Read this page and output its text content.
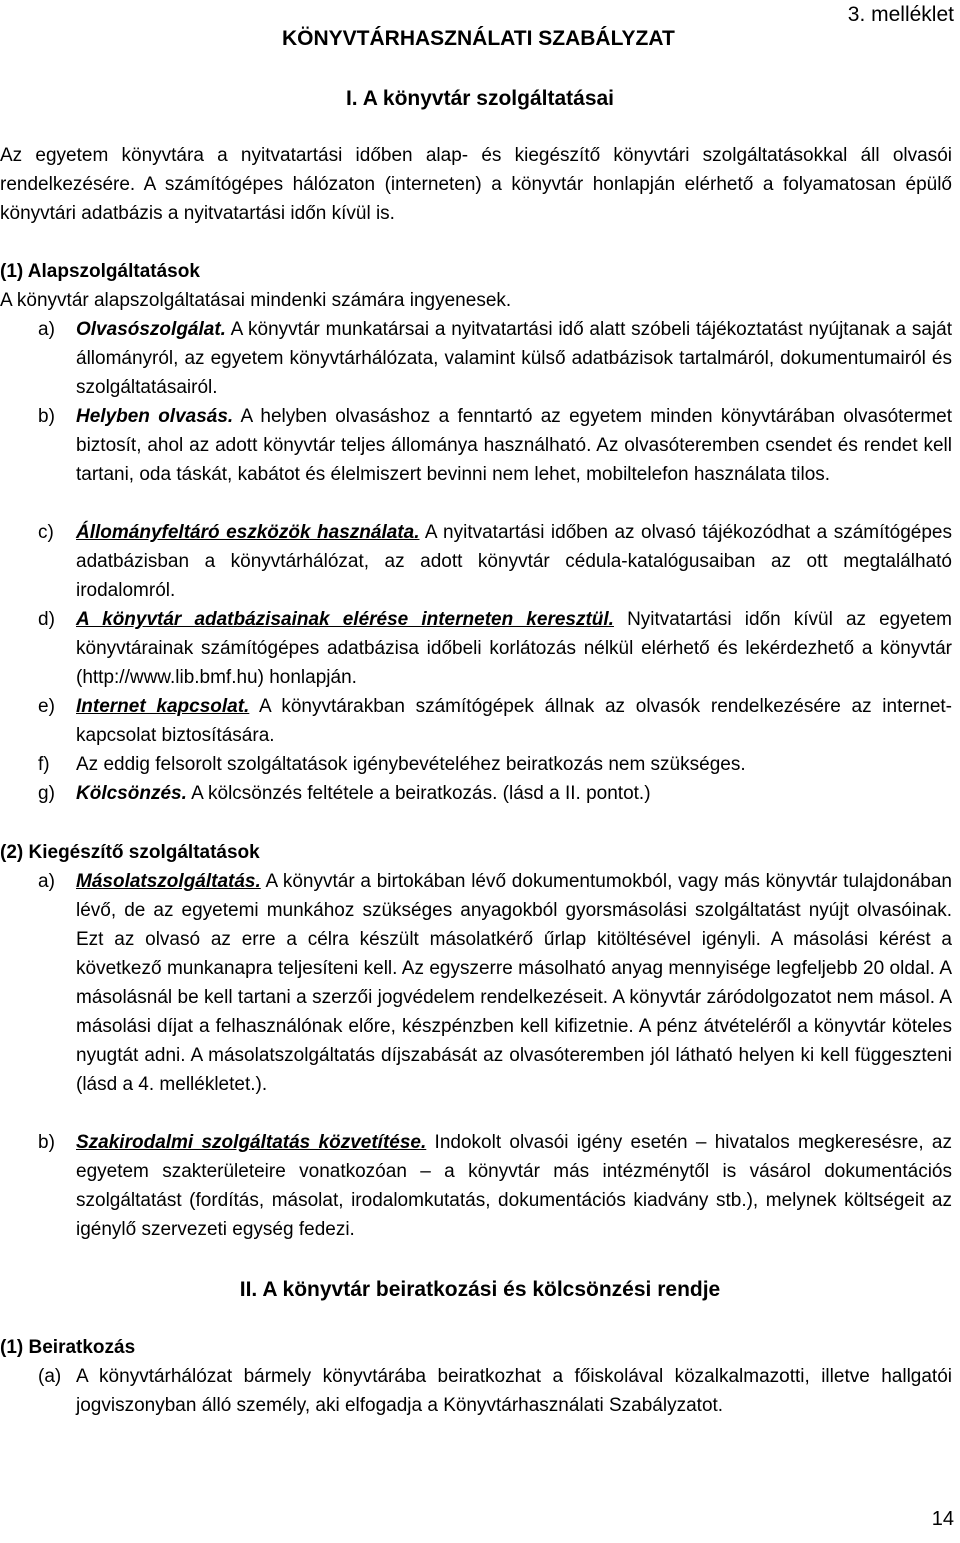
KÖNYVTÁRHASZNÁLATI SZABÁLYZAT
3. melléklet
I. A könyvtár szolgáltatásai
Az egyetem könyvtára a nyitvatartási időben alap- és kiegészítő könyvtári szolgáltatásokkal áll olvasói rendelkezésére. A számítógépes hálózaton (interneten) a könyvtár honlapján elérhető a folyamatosan épülő könyvtári adatbázis a nyitvatartási időn kívül is.
(1) Alapszolgáltatások
A könyvtár alapszolgáltatásai mindenki számára ingyenesek.
a) Olvasószolgálat. A könyvtár munkatársai a nyitvatartási idő alatt szóbeli tájékoztatást nyújtanak a saját állományról, az egyetem könyvtárhálózata, valamint külső adatbázisok tartalmáról, dokumentumairól és szolgáltatásairól.
b) Helyben olvasás. A helyben olvasáshoz a fenntartó az egyetem minden könyvtárában olvasótermet biztosít, ahol az adott könyvtár teljes állománya használható. Az olvasóteremben csendet és rendet kell tartani, oda táskát, kabátot és élelmiszert bevinni nem lehet, mobiltelefon használata tilos.
c) Állományfeltáró eszközök használata. A nyitvatartási időben az olvasó tájékozódhat a számítógépes adatbázisban a könyvtárhálózat, az adott könyvtár cédula-katalógusaiban az ott megtalálható irodalomról.
d) A könyvtár adatbázisainak elérése interneten keresztül. Nyitvatartási időn kívül az egyetem könyvtárainak számítógépes adatbázisa időbeli korlátozás nélkül elérhető és lekérdezhető a könyvtár (http://www.lib.bmf.hu) honlapján.
e) Internet kapcsolat. A könyvtárakban számítógépek állnak az olvasók rendelkezésére az internet-kapcsolat biztosítására.
f) Az eddig felsorolt szolgáltatások igénybevételéhez beiratkozás nem szükséges.
g) Kölcsönzés. A kölcsönzés feltétele a beiratkozás. (lásd a II. pontot.)
(2) Kiegészítő szolgáltatások
a) Másolatszolgáltatás. A könyvtár a birtokában lévő dokumentumokból, vagy más könyvtár tulajdonában lévő, de az egyetemi munkához szükséges anyagokból gyorsmásolási szolgáltatást nyújt olvasóinak. Ezt az olvasó az erre a célra készült másolatkérő űrlap kitöltésével igényli. A másolási kérést a következő munkanapra teljesíteni kell. Az egyszerre másolható anyag mennyisége legfeljebb 20 oldal. A másolásnál be kell tartani a szerzői jogvédelem rendelkezéseit. A könyvtár záródolgozatot nem másol. A másolási díjat a felhasználónak előre, készpénzben kell kifizetnie. A pénz átvételéről a könyvtár köteles nyugtát adni. A másolatszolgáltatás díjszabását az olvasóteremben jól látható helyen ki kell függeszteni (lásd a 4. mellékletet.).
b) Szakirodalmi szolgáltatás közvetítése. Indokolt olvasói igény esetén – hivatalos megkeresésre, az egyetem szakterületeire vonatkozóan – a könyvtár más intézménytől is vásárol dokumentációs szolgáltatást (fordítás, másolat, irodalomkutatás, dokumentációs kiadvány stb.), melynek költségeit az igénylő szervezeti egység fedezi.
II. A könyvtár beiratkozási és kölcsönzési rendje
(1) Beiratkozás
(a) A könyvtárhálózat bármely könyvtárába beiratkozhat a főiskolával közalkalmazotti, illetve hallgatói jogviszonyban álló személy, aki elfogadja a Könyvtárhasználati Szabályzatot.
14
